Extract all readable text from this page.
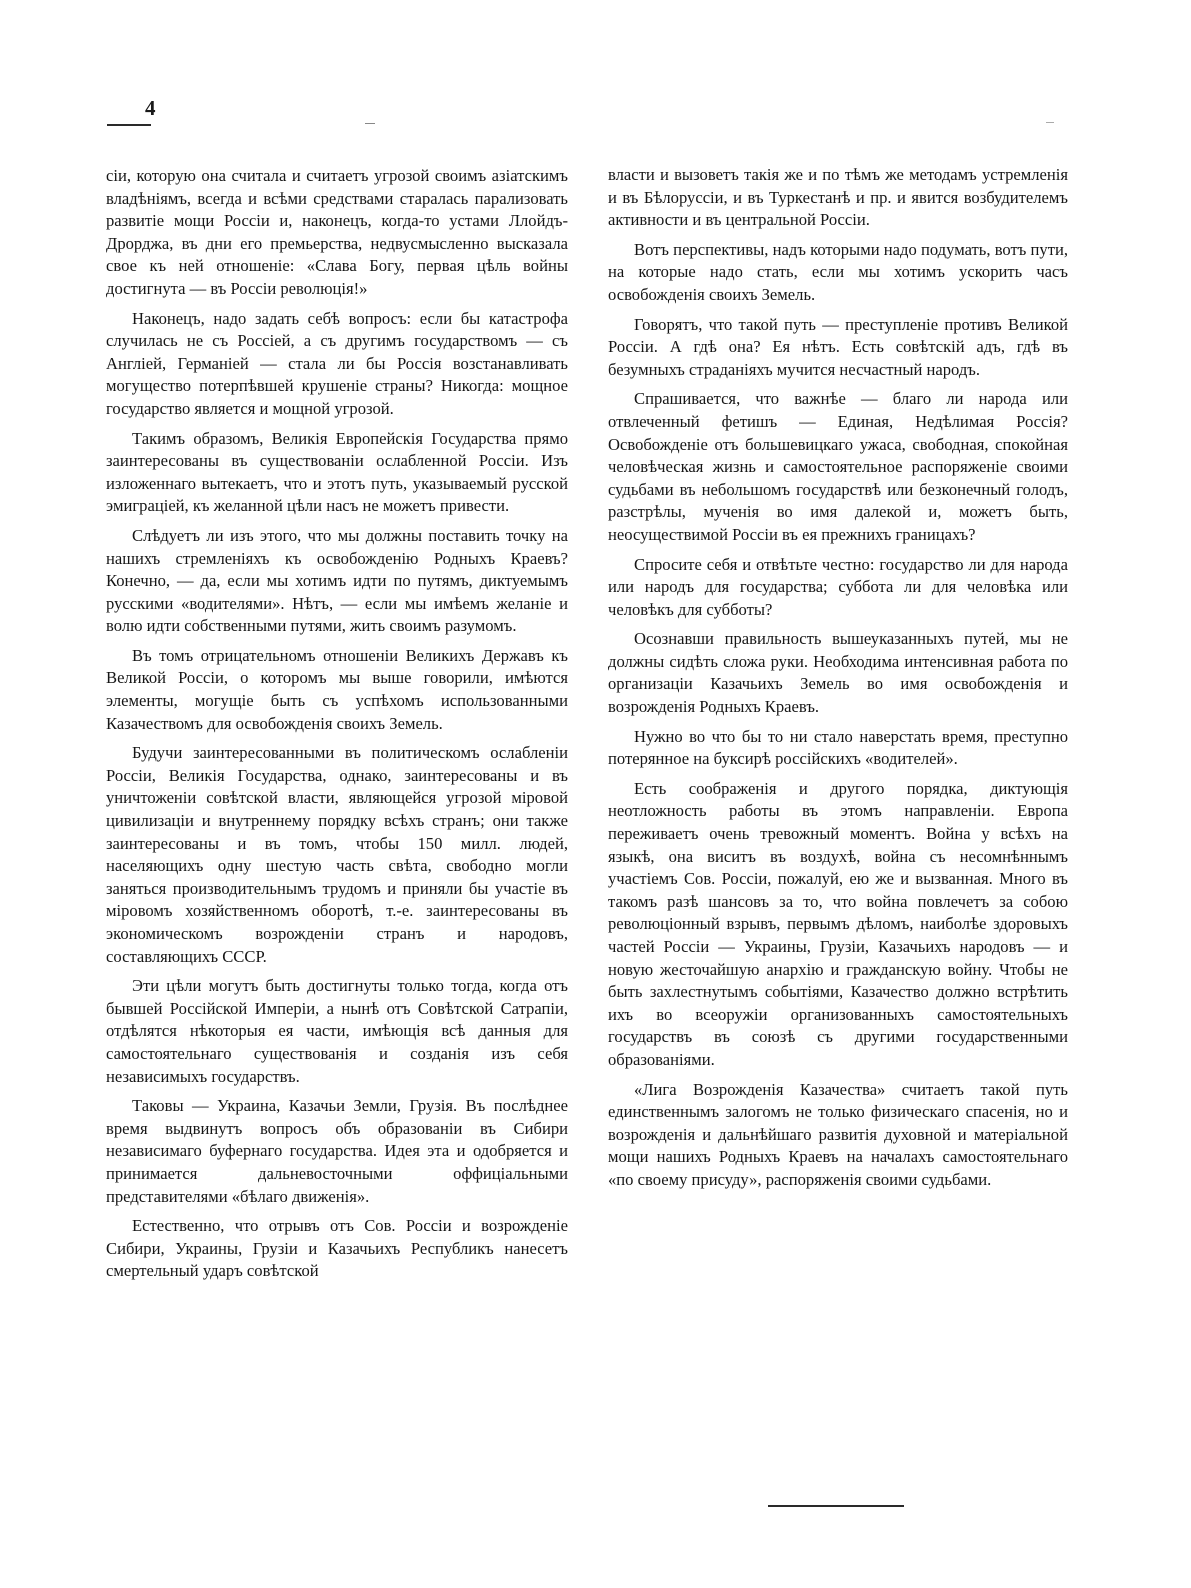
4

сіи, которую она считала и считаетъ угрозой своимъ азіатскимъ владѣніямъ, всегда и всѣми средствами старалась парализовать развитіе мощи Россіи и, наконецъ, когда-то устами Ллойдъ-Дрорджа, въ дни его премьерства, недвусмысленно высказала свое къ ней отношеніе: «Слава Богу, первая цѣль войны достигнута — въ Россіи революція!»

Наконецъ, надо задать себѣ вопросъ: если бы катастрофа случилась не съ Россіей, а съ другимъ государствомъ — съ Англіей, Германіей — стала ли бы Россія возстанавливать могущество потерпѣвшей крушеніе страны? Никогда: мощное государство является и мощной угрозой.

Такимъ образомъ, Великія Европейскія Государства прямо заинтересованы въ существованіи ослабленной Россіи. Изъ изложеннаго вытекаетъ, что и этотъ путь, указываемый русской эмиграціей, къ желанной цѣли насъ не можетъ привести.

Слѣдуетъ ли изъ этого, что мы должны поставить точку на нашихъ стремленіяхъ къ освобожденію Родныхъ Краевъ? Конечно, — да, если мы хотимъ идти по путямъ, диктуемымъ русскими «водителями». Нѣтъ, — если мы имѣемъ желаніе и волю идти собственными путями, жить своимъ разумомъ.

Въ томъ отрицательномъ отношеніи Великихъ Державъ къ Великой Россіи, о которомъ мы выше говорили, имѣются элементы, могущіе быть съ успѣхомъ использованными Казачествомъ для освобожденія своихъ Земель.

Будучи заинтересованными въ политическомъ ослабленіи Россіи, Великія Государства, однако, заинтересованы и въ уничтоженіи совѣтской власти, являющейся угрозой міровой цивилизаціи и внутреннему порядку всѣхъ странъ; они также заинтересованы и въ томъ, чтобы 150 милл. людей, населяющихъ одну шестую часть свѣта, свободно могли заняться производительнымъ трудомъ и приняли бы участіе въ міровомъ хозяйственномъ оборотѣ, т.-е. заинтересованы въ экономическомъ возрожденіи странъ и народовъ, составляющихъ СССР.

Эти цѣли могутъ быть достигнуты только тогда, когда отъ бывшей Россійской Имперіи, а нынѣ отъ Совѣтской Сатрапіи, отдѣлятся нѣкоторыя ея части, имѣющія всѣ данныя для самостоятельнаго существованія и созданія изъ себя независимыхъ государствъ.

Таковы — Украина, Казачьи Земли, Грузія. Въ послѣднее время выдвинутъ вопросъ объ образованіи въ Сибири независимаго буфернаго государства. Идея эта и одобряется и принимается дальневосточными оффиціальными представителями «бѣлаго движенія».

Естественно, что отрывъ отъ Сов. Россіи и возрожденіе Сибири, Украины, Грузіи и Казачьихъ Республикъ нанесетъ смертельный ударъ совѣтской

власти и вызоветъ такія же и по тѣмъ же методамъ устремленія и въ Бѣлоруссіи, и въ Туркестанѣ и пр. и явится возбудителемъ активности и въ центральной Россіи.

Вотъ перспективы, надъ которыми надо подумать, вотъ пути, на которые надо стать, если мы хотимъ ускорить часъ освобожденія своихъ Земель.

Говорятъ, что такой путь — преступленіе противъ Великой Россіи. А гдѣ она? Ея нѣтъ. Есть совѣтскій адъ, гдѣ въ безумныхъ страданіяхъ мучится несчастный народъ.

Спрашивается, что важнѣе — благо ли народа или отвлеченный фетишъ — Единая, Недѣлимая Россія? Освобожденіе отъ большевицкаго ужаса, свободная, спокойная человѣческая жизнь и самостоятельное распоряженіе своими судьбами въ небольшомъ государствѣ или безконечный голодъ, разстрѣлы, мученія во имя далекой и, можетъ быть, неосуществимой Россіи въ ея прежнихъ границахъ?

Спросите себя и отвѣтьте честно: государство ли для народа или народъ для государства; суббота ли для человѣка или человѣкъ для субботы?

Осознавши правильность вышеуказанныхъ путей, мы не должны сидѣть сложа руки. Необходима интенсивная работа по организаціи Казачьихъ Земель во имя освобожденія и возрожденія Родныхъ Краевъ.

Нужно во что бы то ни стало наверстать время, преступно потерянное на буксирѣ россійскихъ «водителей».

Есть соображенія и другого порядка, диктующія неотложность работы въ этомъ направленіи. Европа переживаетъ очень тревожный моментъ. Война у всѣхъ на языкѣ, она виситъ въ воздухѣ, война съ несомнѣннымъ участіемъ Сов. Россіи, пожалуй, ею же и вызванная. Много въ такомъ разѣ шансовъ за то, что война повлечетъ за собою революціонный взрывъ, первымъ дѣломъ, наиболѣе здоровыхъ частей Россіи — Украины, Грузіи, Казачьихъ народовъ — и новую жесточайшую анархію и гражданскую войну. Чтобы не быть захлестнутымъ событіями, Казачество должно встрѣтить ихъ во всеоружіи организованныхъ самостоятельныхъ государствъ въ союзѣ съ другими государственными образованіями.

«Лига Возрожденія Казачества» считаетъ такой путь единственнымъ залогомъ не только физическаго спасенія, но и возрожденія и дальнѣйшаго развитія духовной и матеріальной мощи нашихъ Родныхъ Краевъ на началахъ самостоятельнаго «по своему присуду», распоряженія своими судьбами.
